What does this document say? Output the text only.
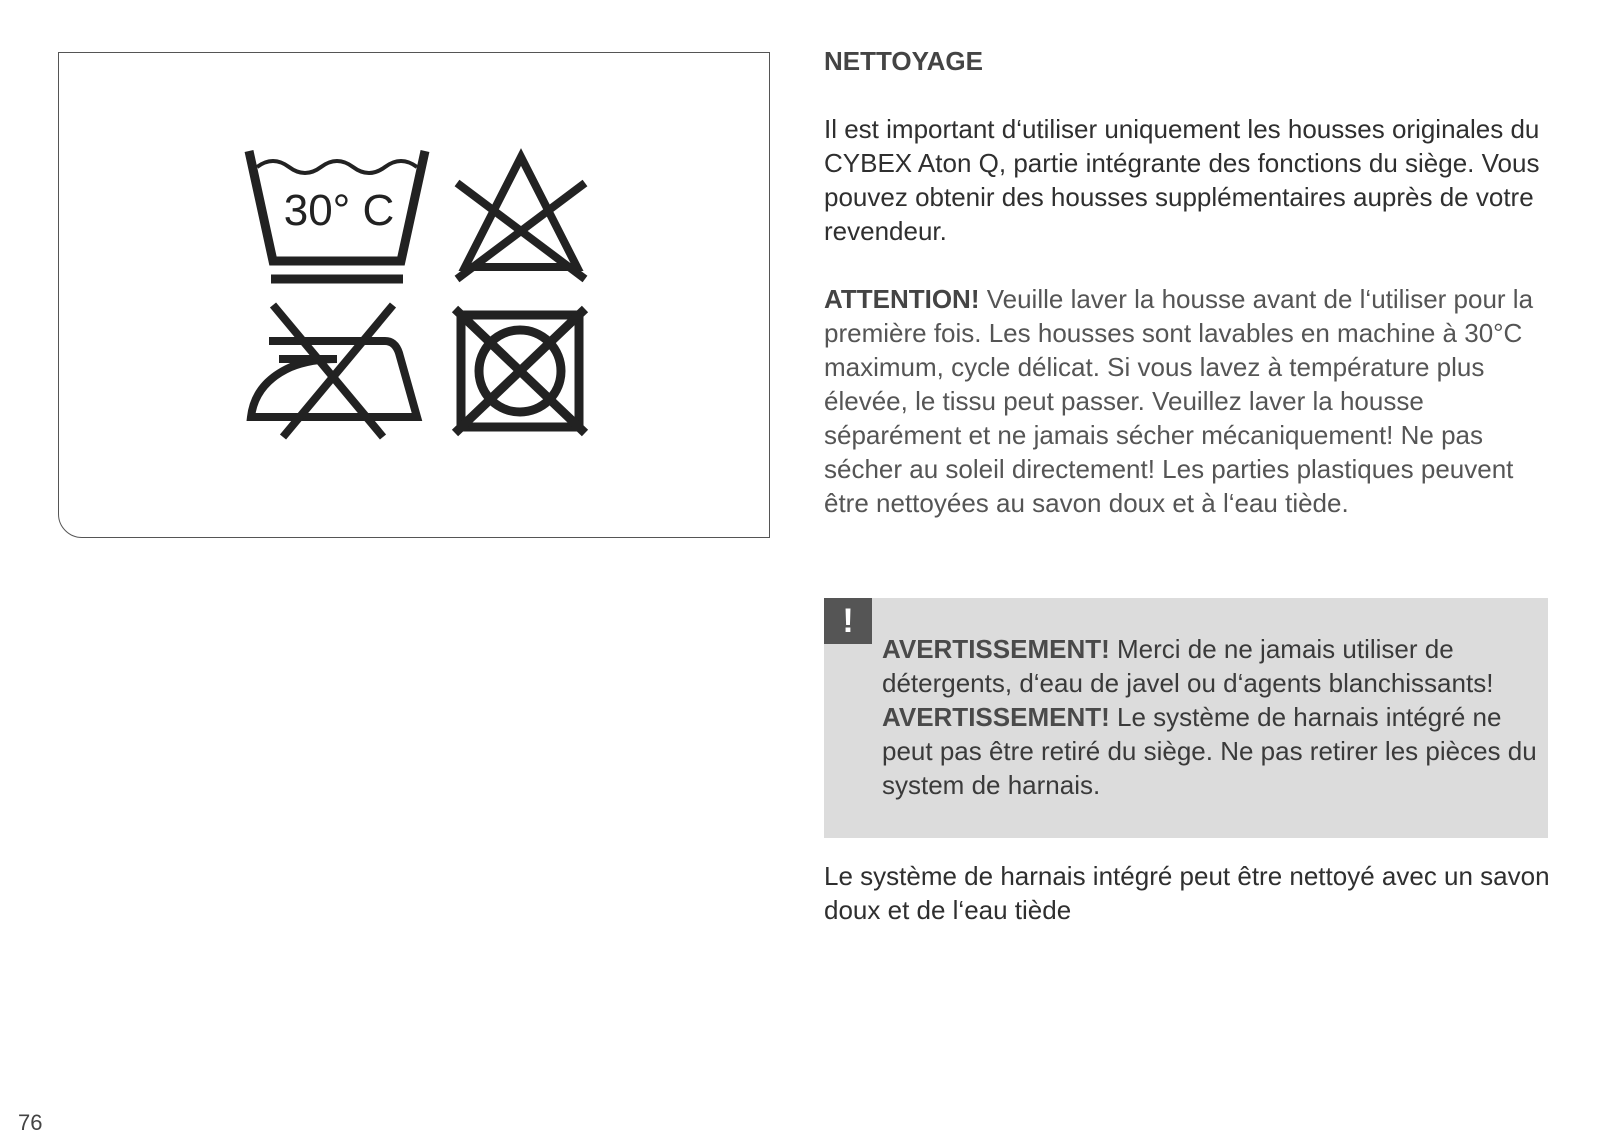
30° C

NETTOYAGE

Il est important d‘utiliser uniquement les housses originales du CYBEX Aton Q, partie intégrante des fonctions du siège. Vous pouvez obtenir des housses supplémentaires auprès de votre revendeur.

ATTENTION! Veuille laver la housse avant de l‘utiliser pour la première fois. Les housses sont lavables en machine à 30°C maximum, cycle délicat. Si vous lavez à température plus élevée, le tissu peut passer. Veuillez laver la housse séparément et ne jamais sécher mécaniquement! Ne pas sécher au soleil directement! Les parties plastiques peuvent être nettoyées au savon doux et à l‘eau tiède.

!

AVERTISSEMENT! Merci de ne jamais utiliser de détergents, d‘eau de javel ou d‘agents blanchissants!

AVERTISSEMENT! Le système de harnais intégré ne peut pas être retiré du siège. Ne pas retirer les pièces du system de harnais.

Le système de harnais intégré peut être nettoyé avec un savon doux et de l‘eau tiède

76
